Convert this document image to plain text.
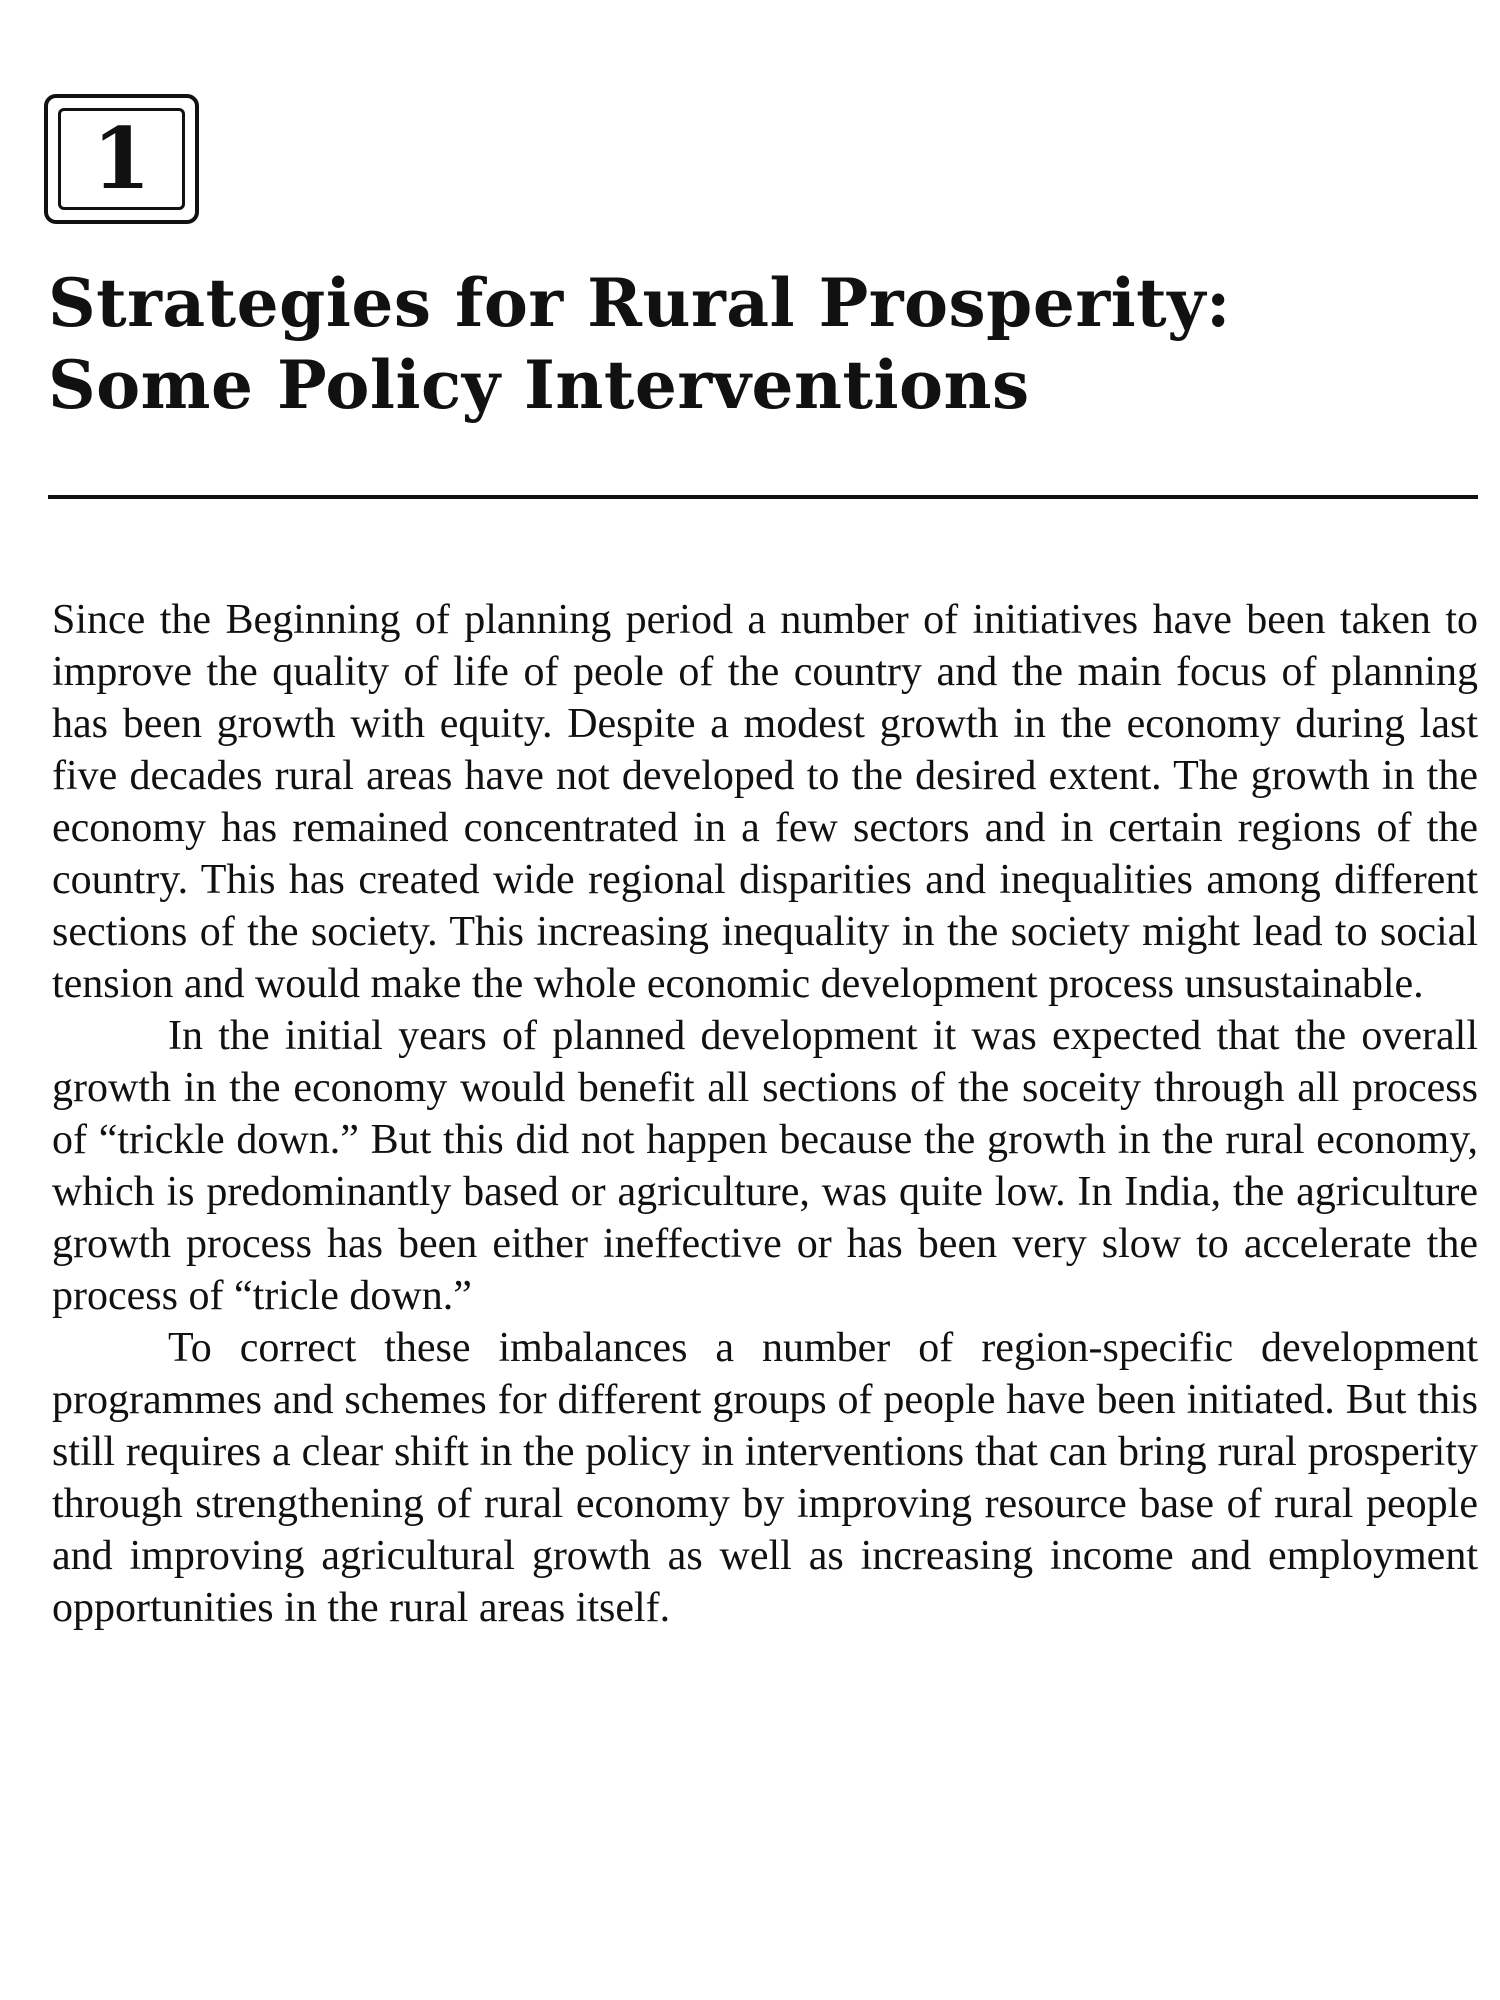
1
Strategies for Rural Prosperity:
Some Policy Interventions

Since the Beginning of planning period a number of initiatives have been taken to improve the quality of life of peole of the country and the main focus of planning has been growth with equity. Despite a modest growth in the economy during last five decades rural areas have not developed to the desired extent. The growth in the economy has remained concentrated in a few sectors and in certain regions of the country. This has created wide regional disparities and inequalities among different sections of the society. This increasing inequality in the society might lead to social tension and would make the whole economic development process unsustainable.

In the initial years of planned development it was expected that the overall growth in the economy would benefit all sections of the soceity through all process of “trickle down.” But this did not happen because the growth in the rural economy, which is predominantly based or agriculture, was quite low. In India, the agriculture growth process has been either ineffective or has been very slow to accelerate the process of “tricle down.”

To correct these imbalances a number of region-specific development programmes and schemes for different groups of people have been initiated. But this still requires a clear shift in the policy in interventions that can bring rural prosperity through strengthening of rural economy by improving resource base of rural people and improving agricultural growth as well as increasing income and employment opportunities in the rural areas itself.
